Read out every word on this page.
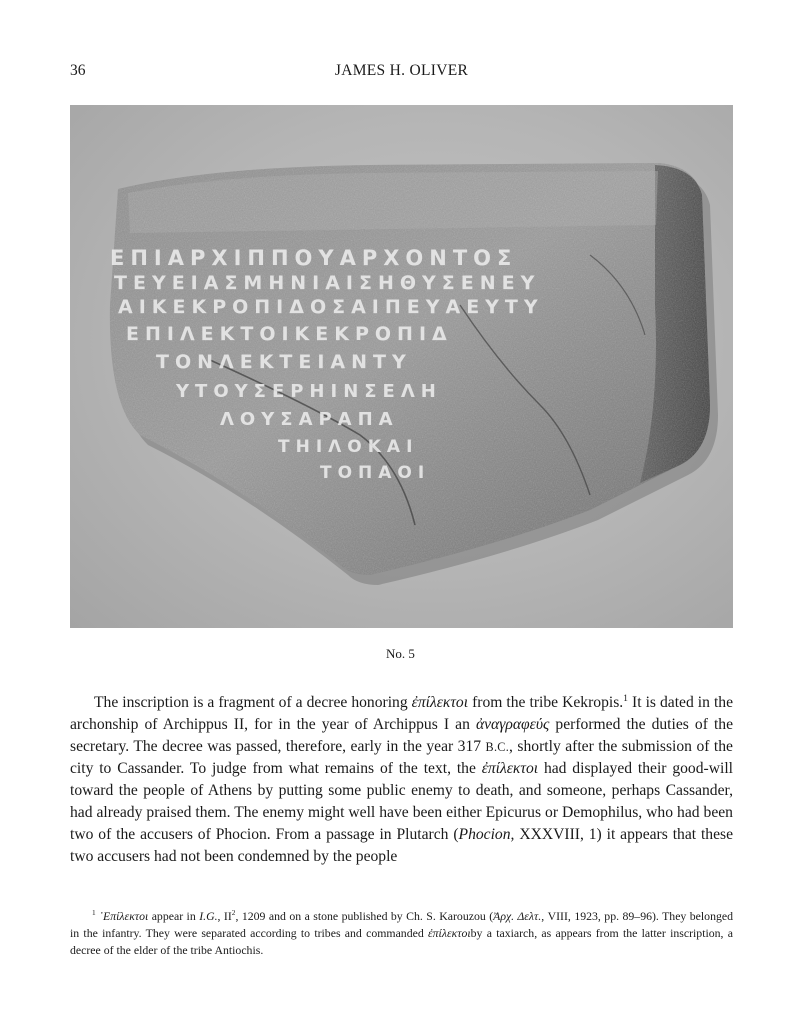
36	JAMES H. OLIVER
ΕΠΙΑΡΧΙΠΠΟΥΑΡΧΟΝΤΟΣ
ΤΕΥΕΙΑΣΜΗΝΙΑΙΣΗΘΥΣΕΝΕΥ
ΑΙΚΕΚΡΟΠΙΔΟΣΑΙΠΕΥΑΕΥΤΥ
ΕΠΙΛΕΚΤΟΙΚΕΚΡΟΠΙΔ
ΤΟΝΛΕΚΤΕΙΑΝΤΥ
ΥΤΟΥΣΕΡΗΙΝΣΕΛΗ
ΛΟΥΣΑΡΑΠΑ
ΤΗΙΛΟΚΑΙ
ΤΟΠΑΟΙ
No. 5

The inscription is a fragment of a decree honoring ἐπίλεκτοι from the tribe Kekropis.$^1$ It is dated in the archonship of Archippus II, for in the year of Archippus I an ἀναγραφεύς performed the duties of the secretary. The decree was passed, therefore, early in the year 317 B.C., shortly after the submission of the city to Cassander. To judge from what remains of the text, the ἐπίλεκτοι had displayed their good-will toward the people of Athens by putting some public enemy to death, and someone, perhaps Cassander, had already praised them. The enemy might well have been either Epicurus or Demophilus, who had been two of the accusers of Phocion. From a passage in Plutarch (Phocion, XXXVIII, 1) it appears that these two accusers had not been condemned by the people

$^1$ ᾿Επίλεκτοι appear in I.G., $II^2$, 1209 and on a stone published by Ch. S. Karouzou (Ἀρχ. Δελτ., VIII, 1923, pp. 89–96). They belonged in the infantry. They were separated according to tribes and commanded ἐπίλεκτοιby a taxiarch, as appears from the latter inscription, a decree of the elder of the tribe Antiochis.
